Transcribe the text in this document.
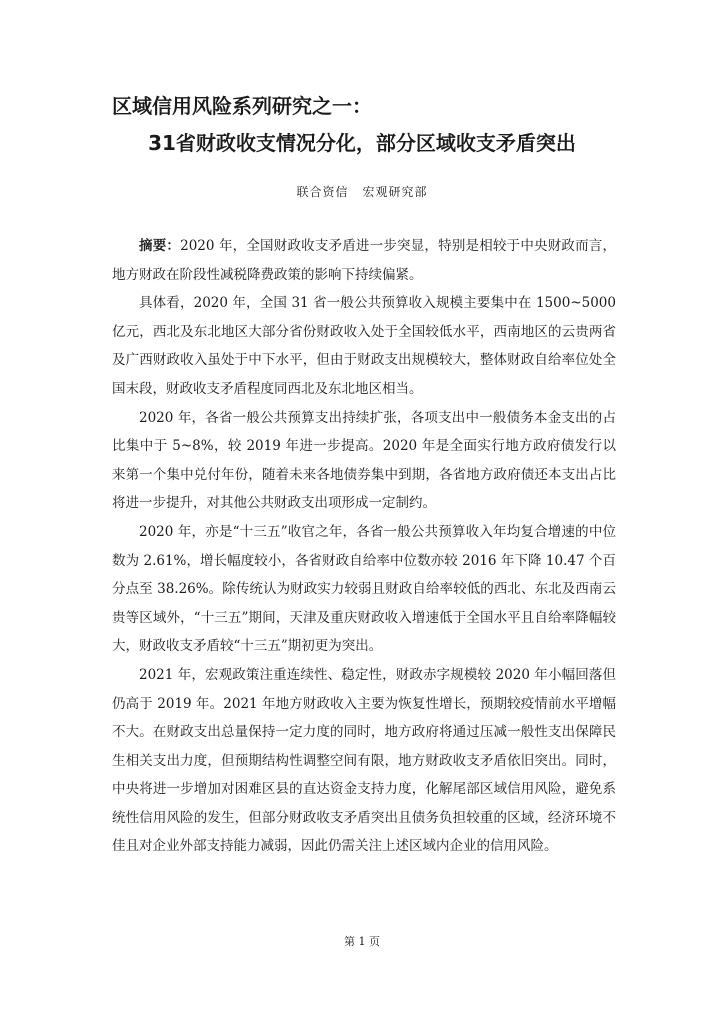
区域信用风险系列研究之一：
31省财政收支情况分化，部分区域收支矛盾突出
联合资信 宏观研究部

摘要：2020 年，全国财政收支矛盾进一步突显，特别是相较于中央财政而言，地方财政在阶段性减税降费政策的影响下持续偏紧。

具体看，2020 年，全国 31 省一般公共预算收入规模主要集中在 1500~5000 亿元，西北及东北地区大部分省份财政收入处于全国较低水平，西南地区的云贵两省及广西财政收入虽处于中下水平，但由于财政支出规模较大，整体财政自给率位处全国末段，财政收支矛盾程度同西北及东北地区相当。

2020 年，各省一般公共预算支出持续扩张，各项支出中一般债务本金支出的占比集中于 5~8%，较 2019 年进一步提高。2020 年是全面实行地方政府债发行以来第一个集中兑付年份，随着未来各地债券集中到期，各省地方政府债还本支出占比将进一步提升，对其他公共财政支出项形成一定制约。

2020 年，亦是“十三五”收官之年，各省一般公共预算收入年均复合增速的中位数为 2.61%，增长幅度较小，各省财政自给率中位数亦较 2016 年下降 10.47 个百分点至 38.26%。除传统认为财政实力较弱且财政自给率较低的西北、东北及西南云贵等区域外，“十三五”期间，天津及重庆财政收入增速低于全国水平且自给率降幅较大，财政收支矛盾较“十三五”期初更为突出。

2021 年，宏观政策注重连续性、稳定性，财政赤字规模较 2020 年小幅回落但仍高于 2019 年。2021 年地方财政收入主要为恢复性增长，预期较疫情前水平增幅不大。在财政支出总量保持一定力度的同时，地方政府将通过压减一般性支出保障民生相关支出力度，但预期结构性调整空间有限，地方财政收支矛盾依旧突出。同时，中央将进一步增加对困难区县的直达资金支持力度，化解尾部区域信用风险，避免系统性信用风险的发生，但部分财政收支矛盾突出且债务负担较重的区域，经济环境不佳且对企业外部支持能力减弱，因此仍需关注上述区域内企业的信用风险。

第 1 页
